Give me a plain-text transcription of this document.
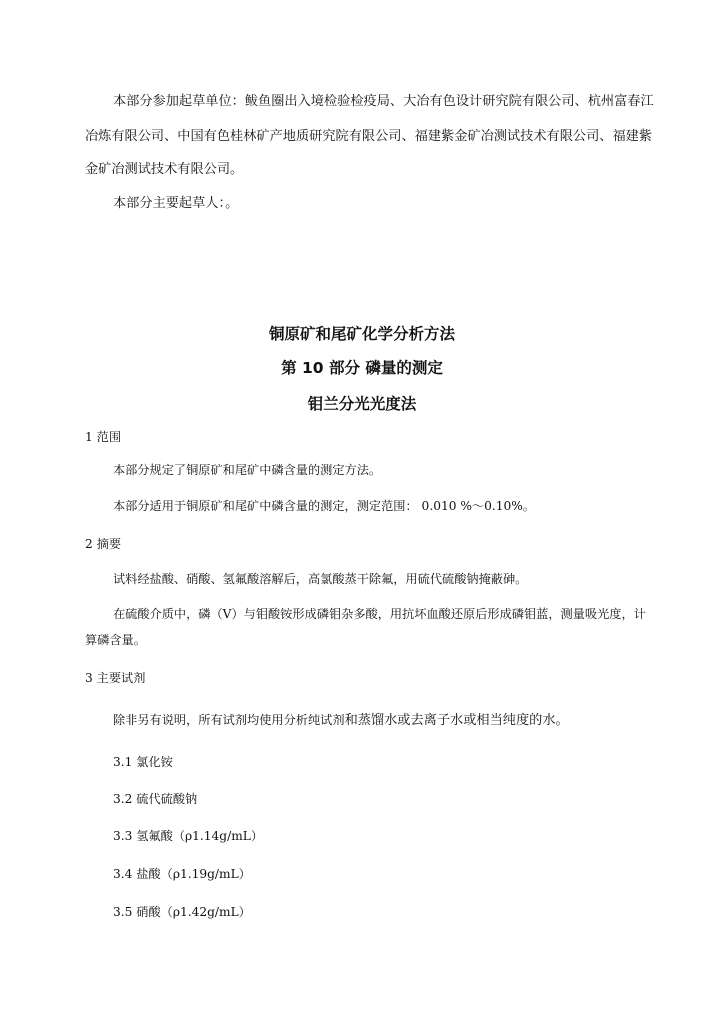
本部分参加起草单位：鲅鱼圈出入境检验检疫局、大冶有色设计研究院有限公司、杭州富春江

冶炼有限公司、中国有色桂林矿产地质研究院有限公司、福建紫金矿冶测试技术有限公司、福建紫

金矿冶测试技术有限公司。

本部分主要起草人：。

铜原矿和尾矿化学分析方法
第 10 部分 磷量的测定
钼兰分光光度法

1 范围

本部分规定了铜原矿和尾矿中磷含量的测定方法。

本部分适用于铜原矿和尾矿中磷含量的测定，测定范围： 0.010 %～0.10%。

2 摘要

试料经盐酸、硝酸、氢氟酸溶解后，高氯酸蒸干除氟，用硫代硫酸钠掩蔽砷。

在硫酸介质中，磷（V）与钼酸铵形成磷钼杂多酸，用抗坏血酸还原后形成磷钼蓝，测量吸光度，计

算磷含量。

3 主要试剂

除非另有说明，所有试剂均使用分析纯试剂和蒸馏水或去离子水或相当纯度的水。

3.1 氯化铵

3.2 硫代硫酸钠

3.3 氢氟酸（ρ1.14g/mL）

3.4 盐酸（ρ1.19g/mL）

3.5 硝酸（ρ1.42g/mL）
